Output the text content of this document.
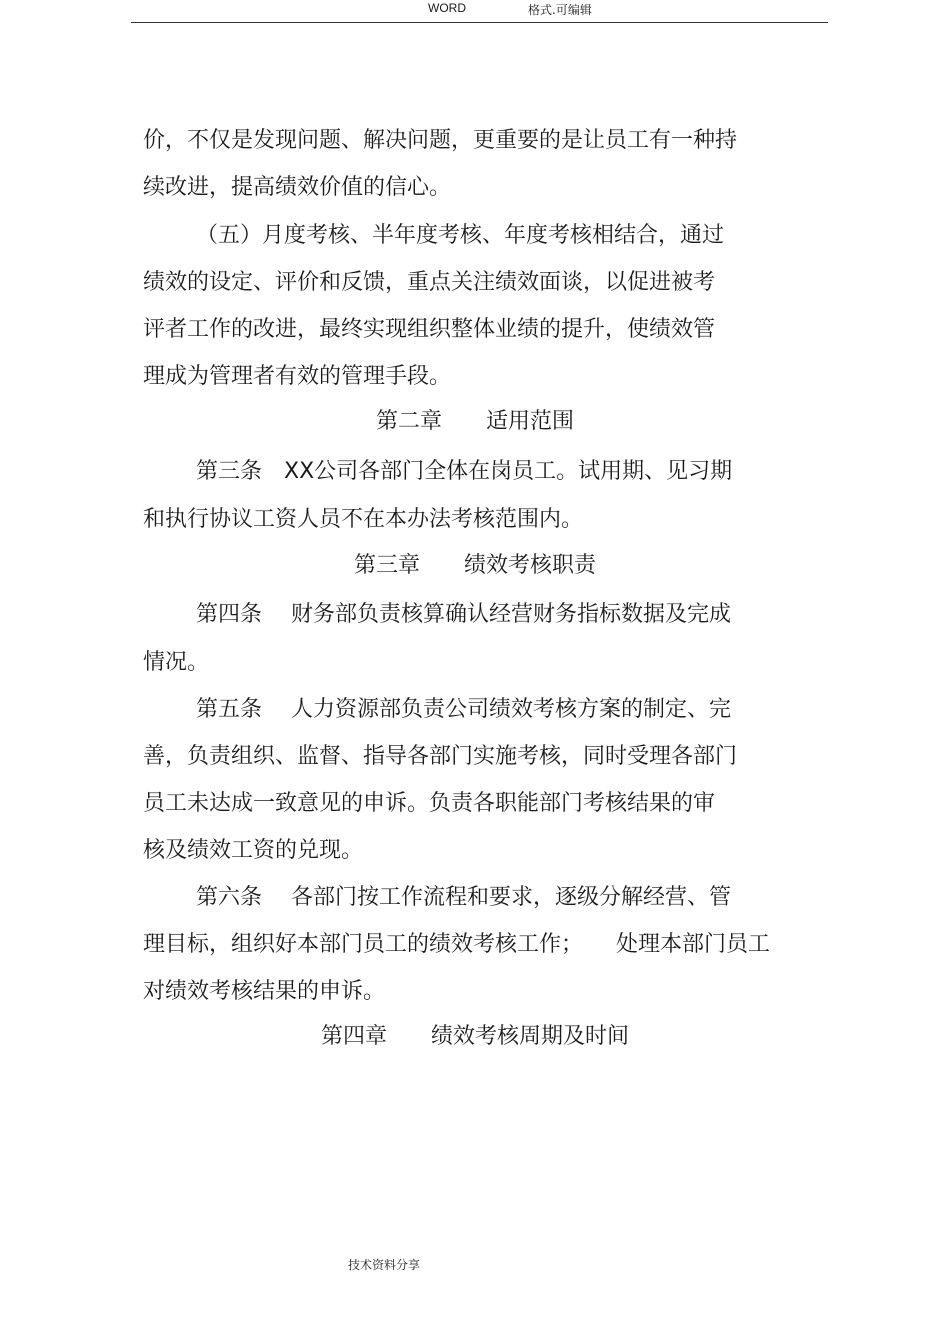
WORD	格式.可编辑
价，不仅是发现问题、解决问题，更重要的是让员工有一种持
续改进，提高绩效价值的信心。
（五）月度考核、半年度考核、年度考核相结合，通过
绩效的设定、评价和反馈，重点关注绩效面谈，以促进被考
评者工作的改进，最终实现组织整体业绩的提升，使绩效管
理成为管理者有效的管理手段。
第二章　　适用范围
第三条　XX公司各部门全体在岗员工。试用期、见习期
和执行协议工资人员不在本办法考核范围内。
第三章　　绩效考核职责
第四条　 财务部负责核算确认经营财务指标数据及完成
情况。
第五条　 人力资源部负责公司绩效考核方案的制定、完
善，负责组织、监督、指导各部门实施考核，同时受理各部门
员工未达成一致意见的申诉。负责各职能部门考核结果的审
核及绩效工资的兑现。
第六条　 各部门按工作流程和要求，逐级分解经营、管
理目标，组织好本部门员工的绩效考核工作；　　处理本部门员工
对绩效考核结果的申诉。
第四章　　绩效考核周期及时间
技术资料分享
